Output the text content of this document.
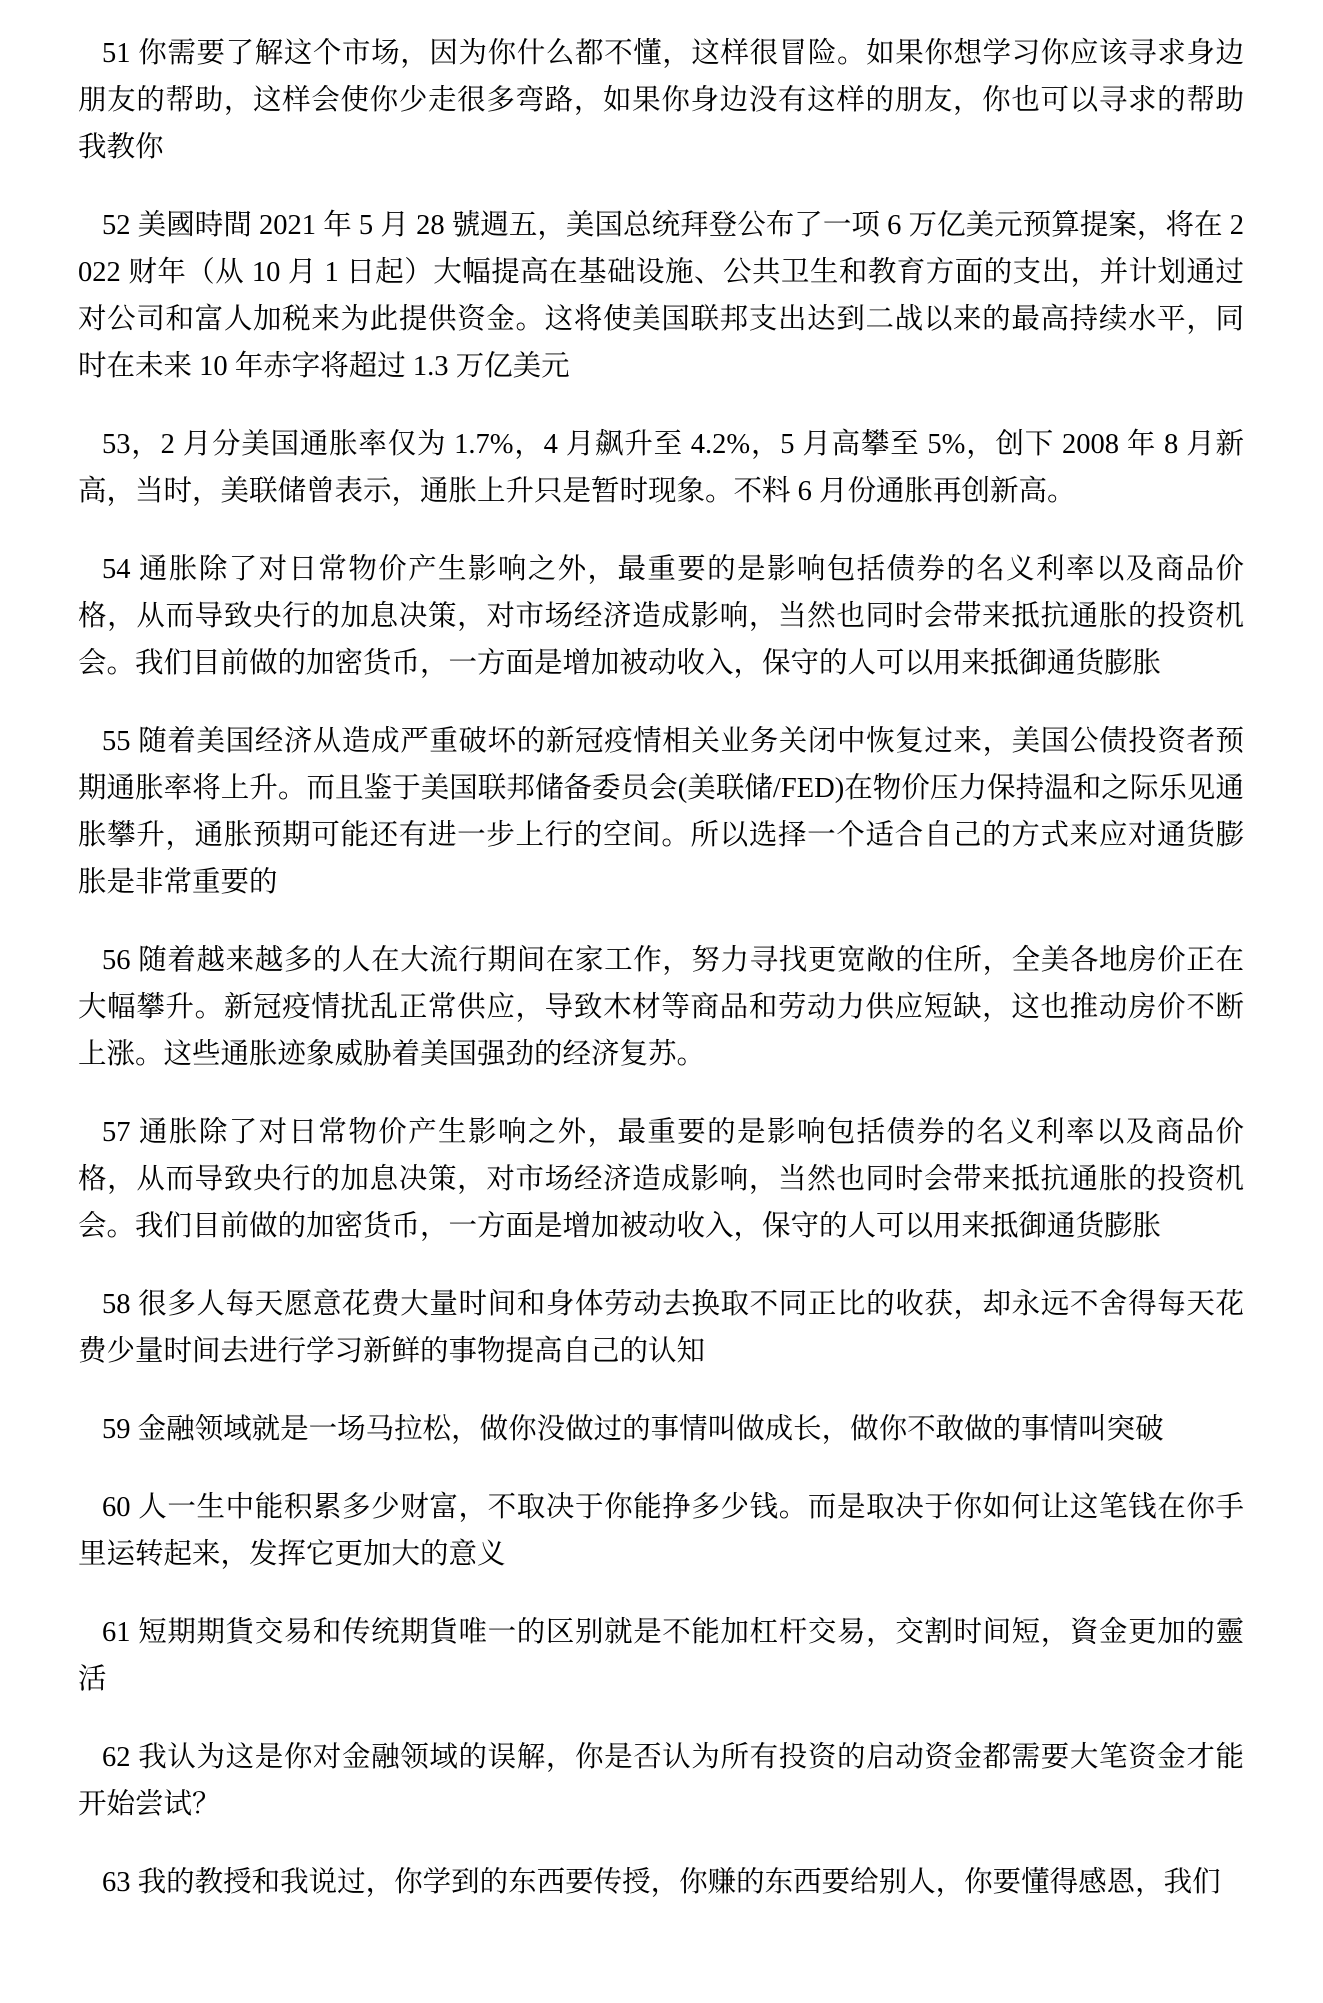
51 你需要了解这个市场，因为你什么都不懂，这样很冒险。如果你想学习你应该寻求身边朋友的帮助，这样会使你少走很多弯路，如果你身边没有这样的朋友，你也可以寻求的帮助我教你

52 美國時間 2021 年 5 月 28 號週五，美国总统拜登公布了一项 6 万亿美元预算提案，将在 2022 财年（从 10 月 1 日起）大幅提高在基础设施、公共卫生和教育方面的支出，并计划通过对公司和富人加税来为此提供资金。这将使美国联邦支出达到二战以来的最高持续水平，同时在未来 10 年赤字将超过 1.3 万亿美元

53，2 月分美国通胀率仅为 1.7%，4 月飙升至 4.2%，5 月高攀至 5%，创下 2008 年 8 月新高，当时，美联储曾表示，通胀上升只是暂时现象。不料 6 月份通胀再创新高。

54 通胀除了对日常物价产生影响之外，最重要的是影响包括债券的名义利率以及商品价格，从而导致央行的加息决策，对市场经济造成影响，当然也同时会带来抵抗通胀的投资机会。我们目前做的加密货币，一方面是增加被动收入，保守的人可以用来抵御通货膨胀

55 随着美国经济从造成严重破坏的新冠疫情相关业务关闭中恢复过来，美国公债投资者预期通胀率将上升。而且鉴于美国联邦储备委员会(美联储/FED)在物价压力保持温和之际乐见通胀攀升，通胀预期可能还有进一步上行的空间。所以选择一个适合自己的方式来应对通货膨胀是非常重要的

56 随着越来越多的人在大流行期间在家工作，努力寻找更宽敞的住所，全美各地房价正在大幅攀升。新冠疫情扰乱正常供应，导致木材等商品和劳动力供应短缺，这也推动房价不断上涨。这些通胀迹象威胁着美国强劲的经济复苏。

57 通胀除了对日常物价产生影响之外，最重要的是影响包括债券的名义利率以及商品价格，从而导致央行的加息决策，对市场经济造成影响，当然也同时会带来抵抗通胀的投资机会。我们目前做的加密货币，一方面是增加被动收入，保守的人可以用来抵御通货膨胀

58 很多人每天愿意花费大量时间和身体劳动去换取不同正比的收获，却永远不舍得每天花费少量时间去进行学习新鲜的事物提高自己的认知

59 金融领域就是一场马拉松，做你没做过的事情叫做成长，做你不敢做的事情叫突破

60 人一生中能积累多少财富，不取决于你能挣多少钱。而是取决于你如何让这笔钱在你手里运转起来，发挥它更加大的意义

61 短期期貨交易和传统期貨唯一的区别就是不能加杠杆交易，交割时间短，資金更加的靈活

62 我认为这是你对金融领域的误解，你是否认为所有投资的启动资金都需要大笔资金才能开始尝试？

63 我的教授和我说过，你学到的东西要传授，你赚的东西要给别人，你要懂得感恩，我们
